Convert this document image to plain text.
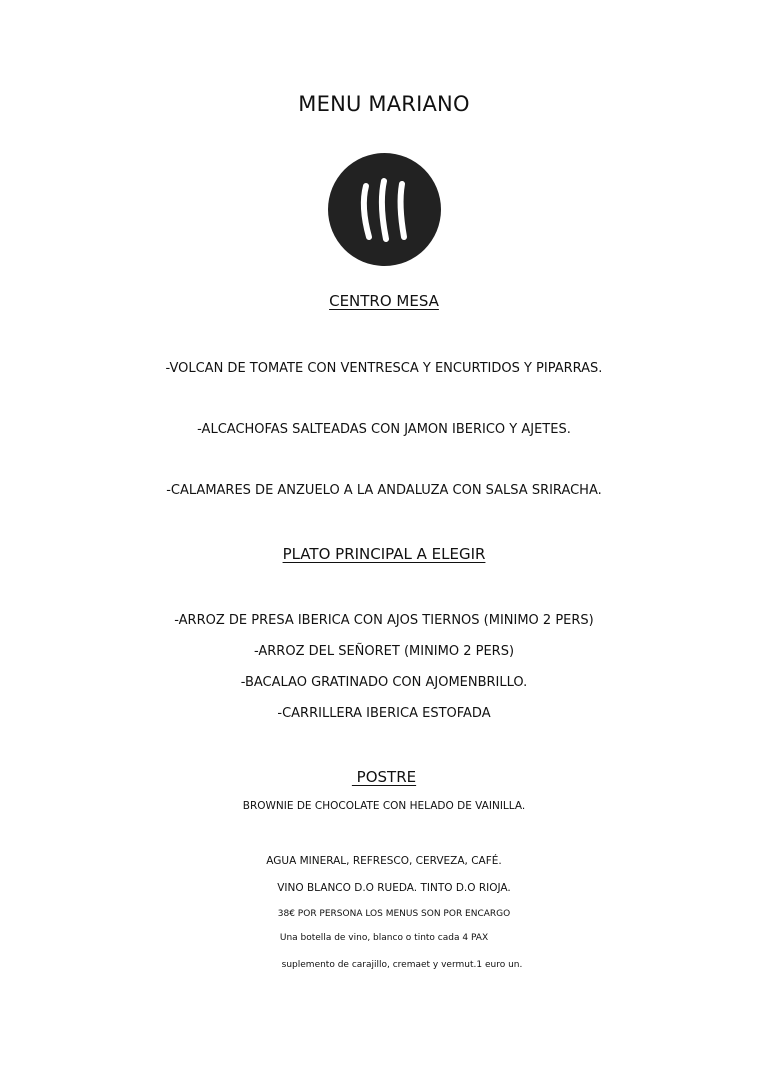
MENU MARIANO
CENTRO MESA
-VOLCAN DE TOMATE CON VENTRESCA Y ENCURTIDOS Y PIPARRAS.
-ALCACHOFAS SALTEADAS CON JAMON IBERICO Y AJETES.
-CALAMARES DE ANZUELO A LA ANDALUZA CON SALSA SRIRACHA.
PLATO PRINCIPAL A ELEGIR
-ARROZ DE PRESA IBERICA CON AJOS TIERNOS (MINIMO 2 PERS)
-ARROZ DEL SEÑORET (MINIMO 2 PERS)
-BACALAO GRATINADO CON AJOMENBRILLO.
-CARRILLERA IBERICA ESTOFADA
POSTRE
BROWNIE DE CHOCOLATE CON HELADO DE VAINILLA.
AGUA MINERAL, REFRESCO, CERVEZA, CAFÉ.
VINO BLANCO D.O RUEDA. TINTO D.O RIOJA.
38€ POR PERSONA LOS MENUS SON POR ENCARGO
Una botella de vino, blanco o tinto cada 4 PAX
suplemento de carajillo, cremaet y vermut.1 euro un.
